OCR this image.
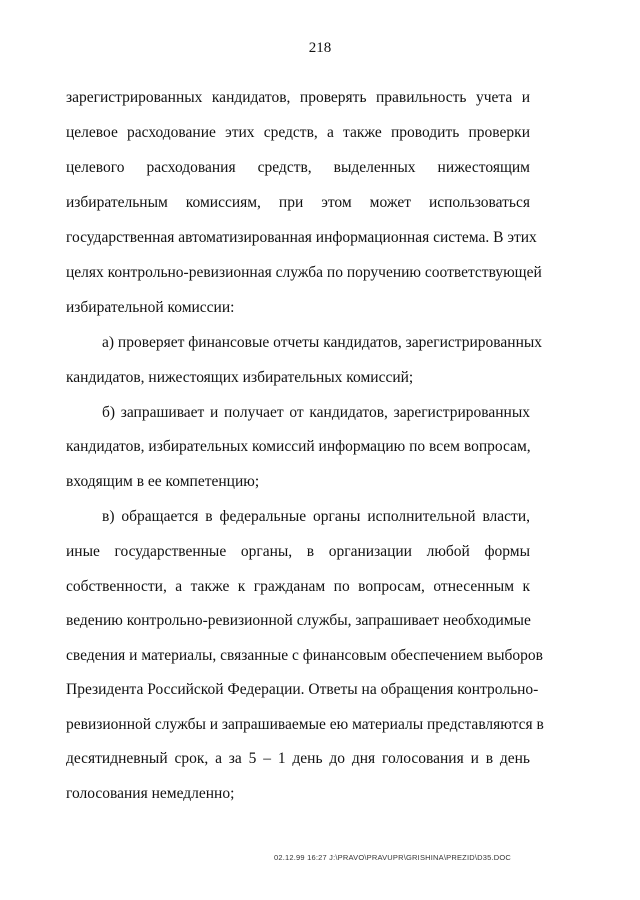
218
зарегистрированных кандидатов, проверять правильность учета и
целевое расходование этих средств, а также проводить проверки
целевого расходования средств, выделенных нижестоящим
избирательным комиссиям, при этом может использоваться
государственная автоматизированная информационная система. В этих
целях контрольно-ревизионная служба по поручению соответствующей
избирательной комиссии:
а) проверяет финансовые отчеты кандидатов, зарегистрированных
кандидатов, нижестоящих избирательных комиссий;
б) запрашивает и получает от кандидатов, зарегистрированных
кандидатов, избирательных комиссий информацию по всем вопросам,
входящим в ее компетенцию;
в) обращается в федеральные органы исполнительной власти,
иные государственные органы, в организации любой формы
собственности, а также к гражданам по вопросам, отнесенным к
ведению контрольно-ревизионной службы, запрашивает необходимые
сведения и материалы, связанные с финансовым обеспечением выборов
Президента Российской Федерации. Ответы на обращения контрольно-
ревизионной службы и запрашиваемые ею материалы представляются в
десятидневный срок, а за 5 – 1 день до дня голосования и в день
голосования немедленно;
02.12.99 16:27 J:\PRAVO\PRAVUPR\GRISHINA\PREZID\D35.DOC
